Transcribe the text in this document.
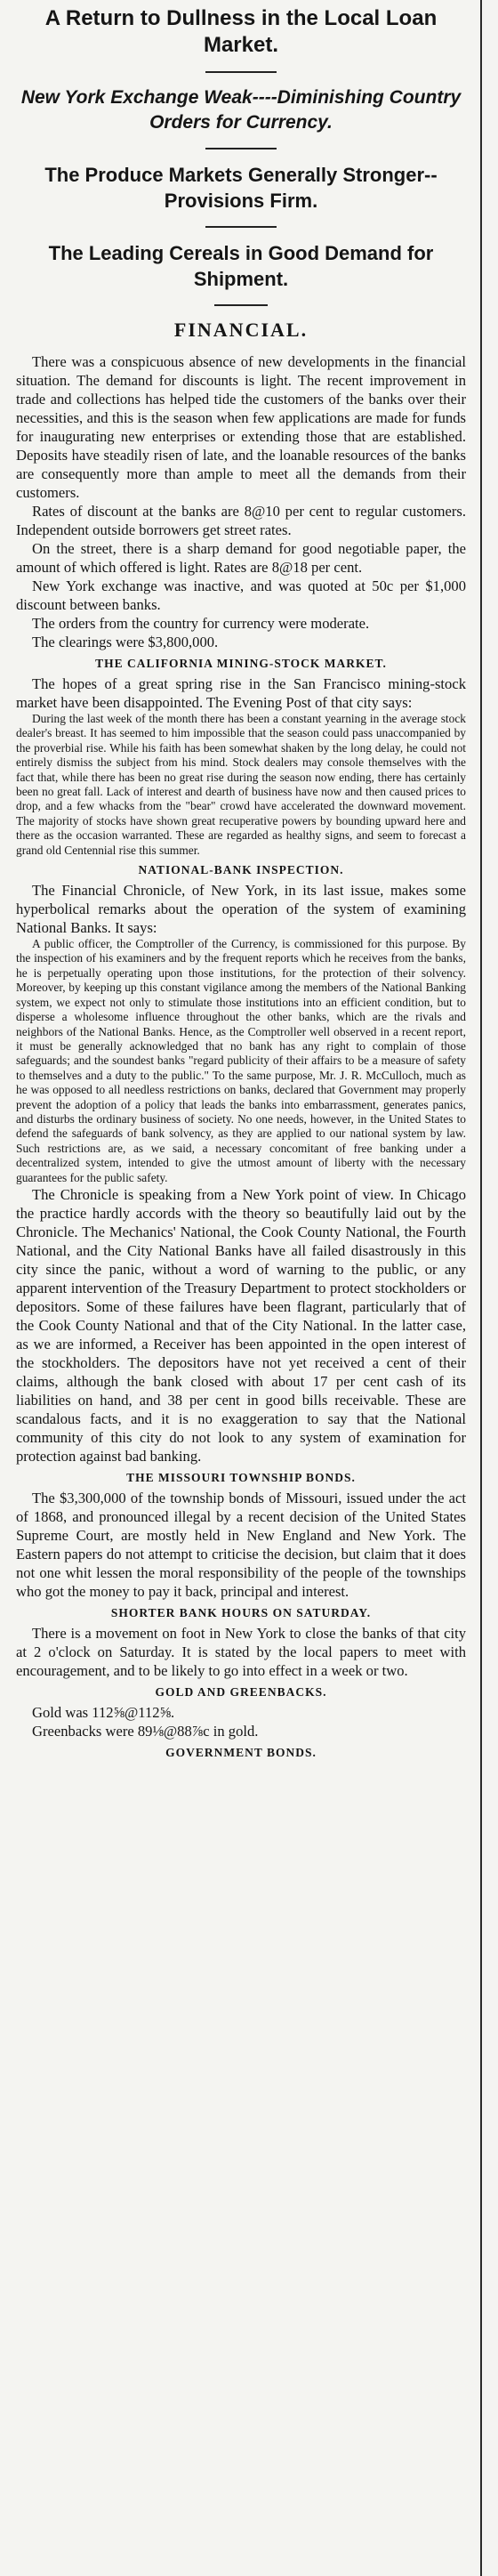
A Return to Dullness in the Local Loan Market.
New York Exchange Weak----Diminishing Country Orders for Currency.
The Produce Markets Generally Stronger--Provisions Firm.
The Leading Cereals in Good Demand for Shipment.
FINANCIAL.

There was a conspicuous absence of new developments in the financial situation. The demand for discounts is light. The recent improvement in trade and collections has helped tide the customers of the banks over their necessities, and this is the season when few applications are made for funds for inaugurating new enterprises or extending those that are established. Deposits have steadily risen of late, and the loanable resources of the banks are consequently more than ample to meet all the demands from their customers.

Rates of discount at the banks are 8@10 per cent to regular customers. Independent outside borrowers get street rates.

On the street, there is a sharp demand for good negotiable paper, the amount of which offered is light. Rates are 8@18 per cent.

New York exchange was inactive, and was quoted at 50c per $1,000 discount between banks.

The orders from the country for currency were moderate.

The clearings were $3,800,000.

THE CALIFORNIA MINING-STOCK MARKET.

The hopes of a great spring rise in the San Francisco mining-stock market have been disappointed. The Evening Post of that city says:

During the last week of the month there has been a constant yearning in the average stock dealer's breast. It has seemed to him impossible that the season could pass unaccompanied by the proverbial rise. While his faith has been somewhat shaken by the long delay, he could not entirely dismiss the subject from his mind. Stock dealers may console themselves with the fact that, while there has been no great rise during the season now ending, there has certainly been no great fall. Lack of interest and dearth of business have now and then caused prices to drop, and a few whacks from the "bear" crowd have accelerated the downward movement. The majority of stocks have shown great recuperative powers by bounding upward here and there as the occasion warranted. These are regarded as healthy signs, and seem to forecast a grand old Centennial rise this summer.

NATIONAL-BANK INSPECTION.

The Financial Chronicle, of New York, in its last issue, makes some hyperbolical remarks about the operation of the system of examining National Banks. It says:

A public officer, the Comptroller of the Currency, is commissioned for this purpose. By the inspection of his examiners and by the frequent reports which he receives from the banks, he is perpetually operating upon those institutions, for the protection of their solvency. Moreover, by keeping up this constant vigilance among the members of the National Banking system, we expect not only to stimulate those institutions into an efficient condition, but to disperse a wholesome influence throughout the other banks, which are the rivals and neighbors of the National Banks. Hence, as the Comptroller well observed in a recent report, it must be generally acknowledged that no bank has any right to complain of those safeguards; and the soundest banks "regard publicity of their affairs to be a measure of safety to themselves and a duty to the public." To the same purpose, Mr. J. R. McCulloch, much as he was opposed to all needless restrictions on banks, declared that Government may properly prevent the adoption of a policy that leads the banks into embarrassment, generates panics, and disturbs the ordinary business of society. No one needs, however, in the United States to defend the safeguards of bank solvency, as they are applied to our national system by law. Such restrictions are, as we said, a necessary concomitant of free banking under a decentralized system, intended to give the utmost amount of liberty with the necessary guarantees for the public safety.

The Chronicle is speaking from a New York point of view. In Chicago the practice hardly accords with the theory so beautifully laid out by the Chronicle. The Mechanics' National, the Cook County National, the Fourth National, and the City National Banks have all failed disastrously in this city since the panic, without a word of warning to the public, or any apparent intervention of the Treasury Department to protect stockholders or depositors. Some of these failures have been flagrant, particularly that of the Cook County National and that of the City National. In the latter case, as we are informed, a Receiver has been appointed in the open interest of the stockholders. The depositors have not yet received a cent of their claims, although the bank closed with about 17 per cent cash of its liabilities on hand, and 38 per cent in good bills receivable. These are scandalous facts, and it is no exaggeration to say that the National community of this city do not look to any system of examination for protection against bad banking.

THE MISSOURI TOWNSHIP BONDS.

The $3,300,000 of the township bonds of Missouri, issued under the act of 1868, and pronounced illegal by a recent decision of the United States Supreme Court, are mostly held in New England and New York. The Eastern papers do not attempt to criticise the decision, but claim that it does not one whit lessen the moral responsibility of the people of the townships who got the money to pay it back, principal and interest.

SHORTER BANK HOURS ON SATURDAY.

There is a movement on foot in New York to close the banks of that city at 2 o'clock on Saturday. It is stated by the local papers to meet with encouragement, and to be likely to go into effect in a week or two.

GOLD AND GREENBACKS.

Gold was 112⅝@112⅝.

Greenbacks were 89⅛@88⅞c in gold.

GOVERNMENT BONDS.
